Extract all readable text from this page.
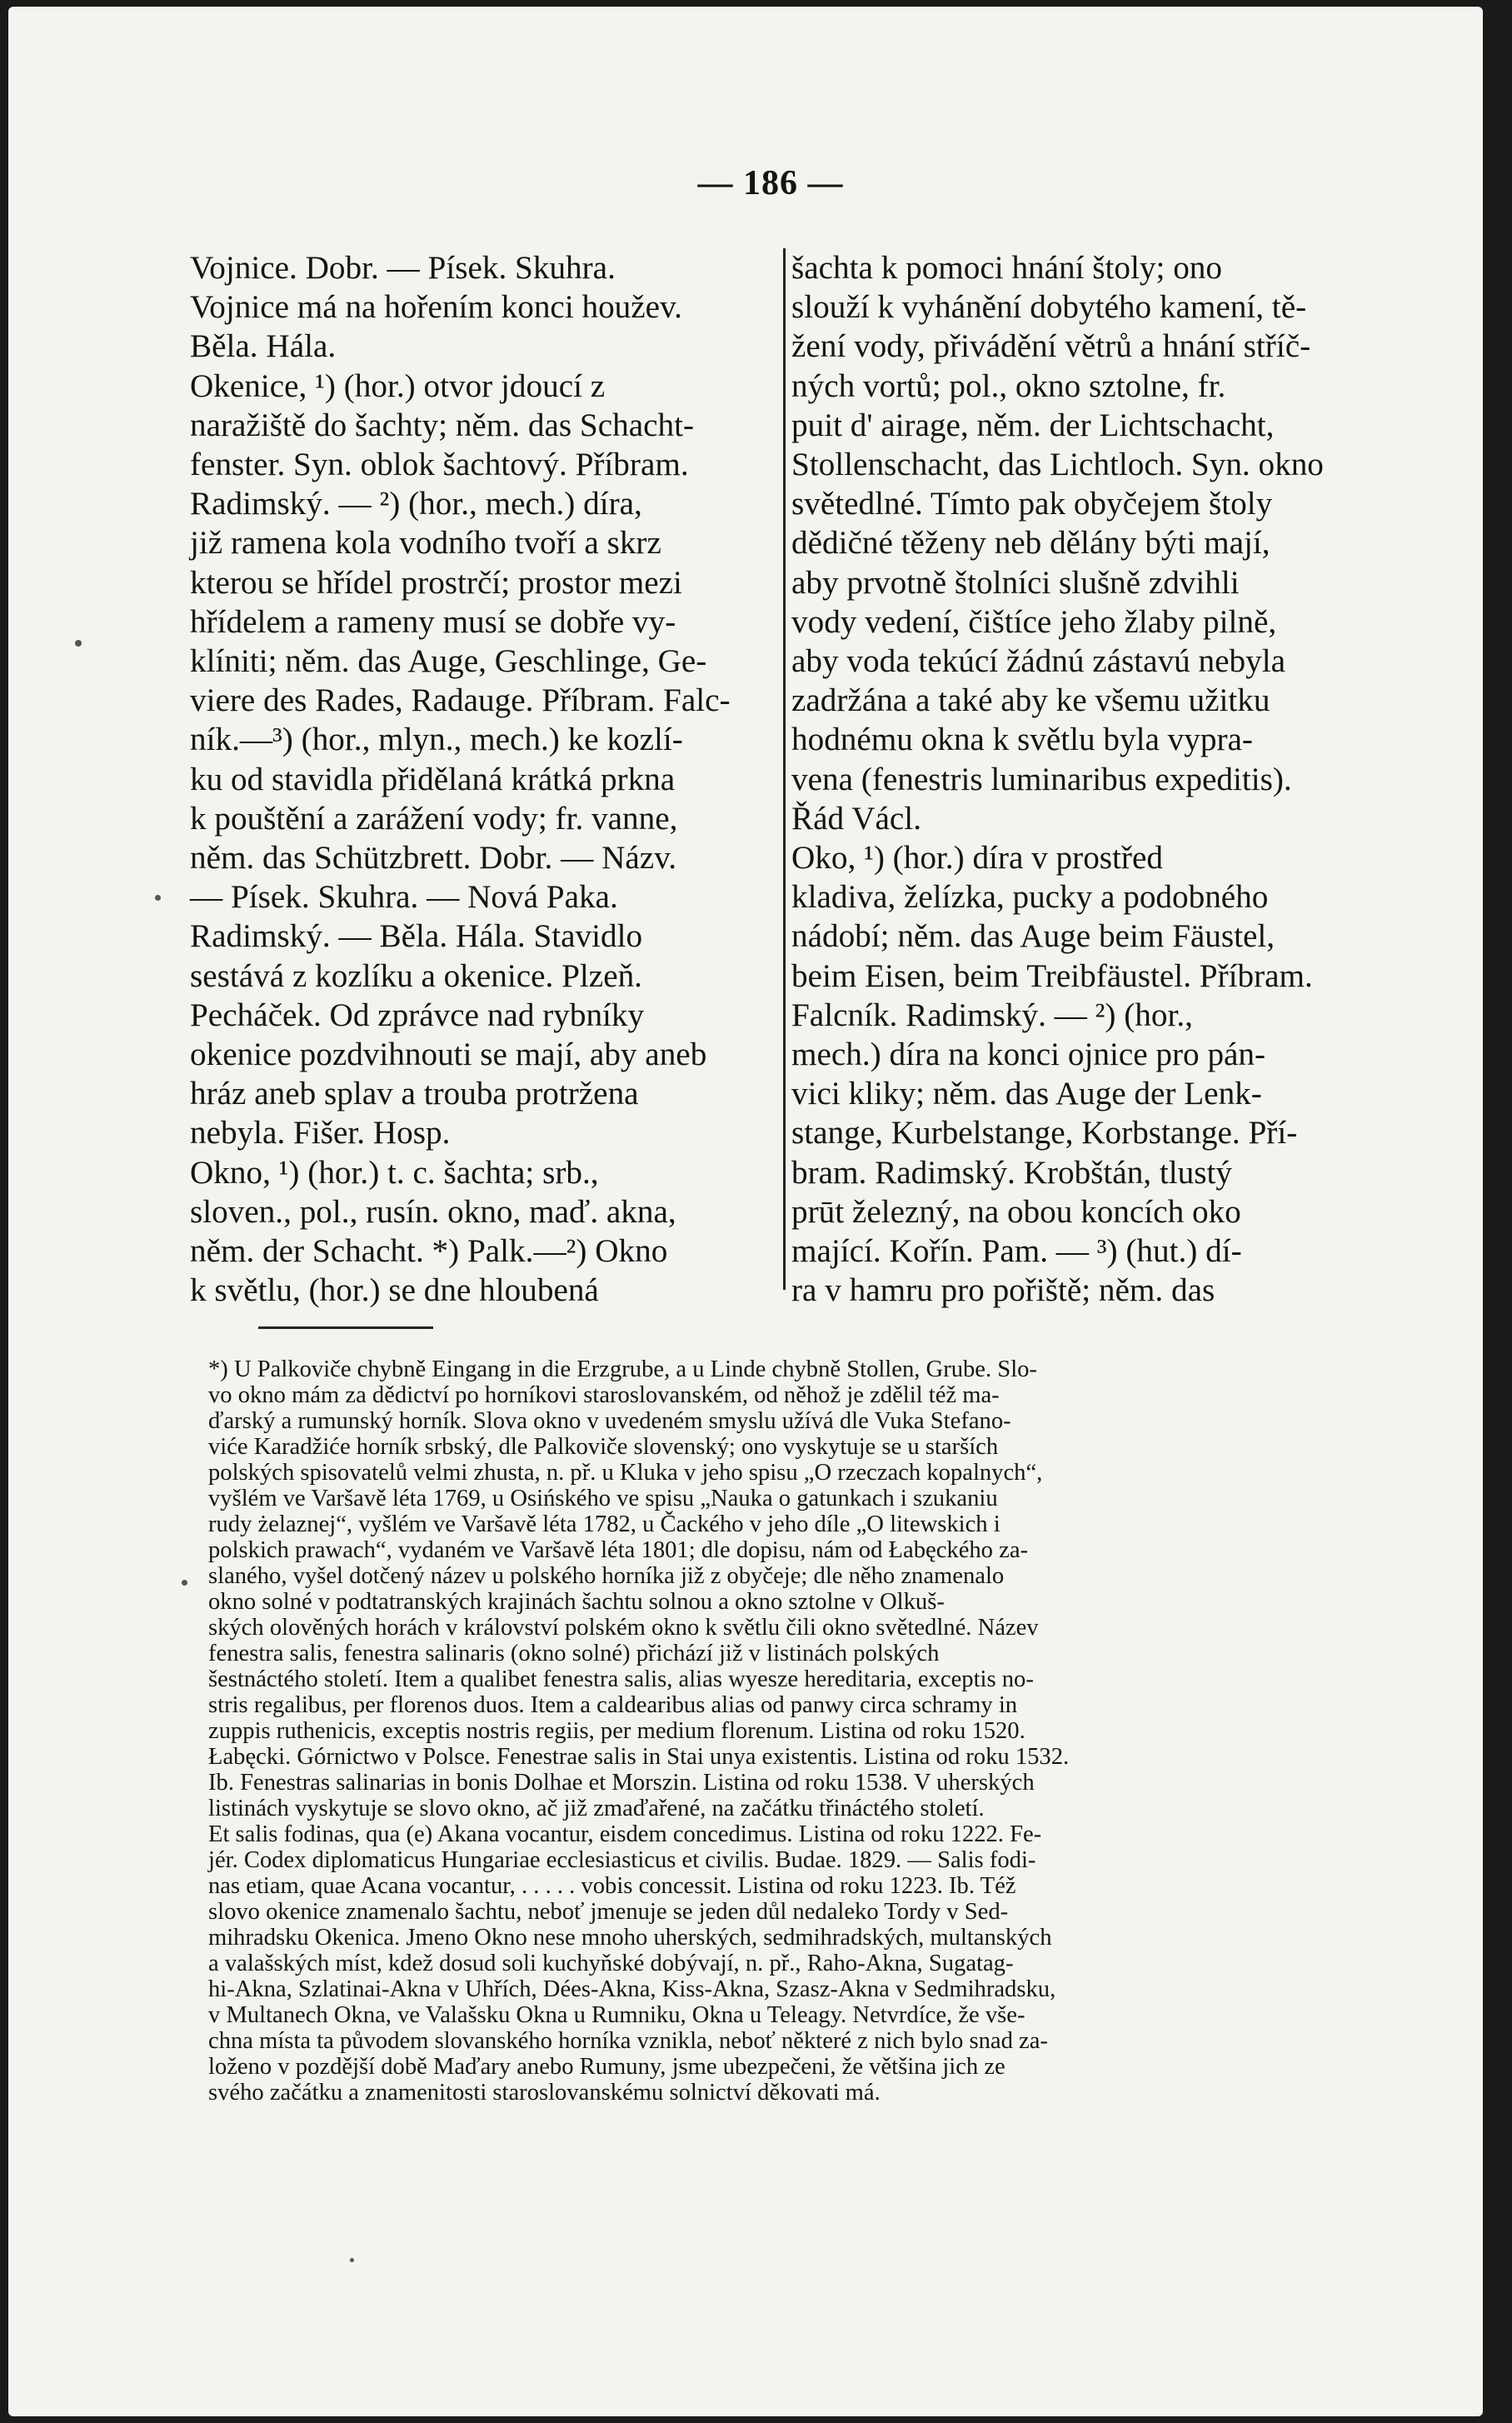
— 186 —
Vojnice. Dobr. — Písek. Skuhra.
Vojnice má na hořením konci houžev.
Běla. Hála.
Okenice, ¹) (hor.) otvor jdoucí z
naražiště do šachty; něm. das Schacht-
fenster. Syn. oblok šachtový. Příbram.
Radimský. — ²) (hor., mech.) díra,
již ramena kola vodního tvoří a skrz
kterou se hřídel prostrčí; prostor mezi
hřídelem a rameny musí se dobře vy-
klíniti; něm. das Auge, Geschlinge, Ge-
viere des Rades, Radauge. Příbram. Falc-
ník.—³) (hor., mlyn., mech.) ke kozlí-
ku od stavidla přidělaná krátká prkna
k pouštění a zarážení vody; fr. vanne,
něm. das Schützbrett. Dobr. — Názv.
— Písek. Skuhra. — Nová Paka.
Radimský. — Běla. Hála. Stavidlo
sestává z kozlíku a okenice. Plzeň.
Pecháček. Od zprávce nad rybníky
okenice pozdvihnouti se mají, aby aneb
hráz aneb splav a trouba protržena
nebyla. Fišer. Hosp.
Okno, ¹) (hor.) t. c. šachta; srb.,
sloven., pol., rusín. okno, maď. akna,
něm. der Schacht. *) Palk.—²) Okno
k světlu, (hor.) se dne hloubená
šachta k pomoci hnání štoly; ono
slouží k vyhánění dobytého kamení, tě-
žení vody, přivádění větrů a hnání stříč-
ných vortů; pol., okno sztolne, fr.
puit d' airage, něm. der Lichtschacht,
Stollenschacht, das Lichtloch. Syn. okno
světedlné. Tímto pak obyčejem štoly
dědičné těženy neb dělány býti mají,
aby prvotně štolníci slušně zdvihli
vody vedení, čištíce jeho žlaby pilně,
aby voda tekúcí žádnú zástavú nebyla
zadržána a také aby ke všemu užitku
hodnému okna k světlu byla vypra-
vena (fenestris luminaribus expeditis).
Řád Václ.
Oko, ¹) (hor.) díra v prostřed
kladiva, želízka, pucky a podobného
nádobí; něm. das Auge beim Fäustel,
beim Eisen, beim Treibfäustel. Příbram.
Falcník. Radimský. — ²) (hor.,
mech.) díra na konci ojnice pro pán-
vici kliky; něm. das Auge der Lenk-
stange, Kurbelstange, Korbstange. Pří-
bram. Radimský. Krobštán, tlustý
prūt železný, na obou koncích oko
mající. Kořín. Pam. — ³) (hut.) dí-
ra v hamru pro pořiště; něm. das
*) U Palkoviče chybně Eingang in die Erzgrube, a u Linde chybně Stollen, Grube. Slo-
vo okno mám za dědictví po horníkovi staroslovanském, od něhož je zdělil též ma-
ďarský a rumunský horník. Slova okno v uvedeném smyslu užívá dle Vuka Stefano-
viće Karadžiće horník srbský, dle Palkoviče slovenský; ono vyskytuje se u starších
polských spisovatelů velmi zhusta, n. př. u Kluka v jeho spisu „O rzeczach kopalnych“,
vyšlém ve Varšavě léta 1769, u Osińského ve spisu „Nauka o gatunkach i szukaniu
rudy żelaznej“, vyšlém ve Varšavě léta 1782, u Čackého v jeho díle „O litewskich i
polskich prawach“, vydaném ve Varšavě léta 1801; dle dopisu, nám od Łabęckého za-
slaného, vyšel dotčený název u polského horníka již z obyčeje; dle něho znamenalo
okno solné v podtatranských krajinách šachtu solnou a okno sztolne v Olkuš-
ských olověných horách v království polském okno k světlu čili okno světedlné. Název
fenestra salis, fenestra salinaris (okno solné) přichází již v listinách polských
šestnáctého století. Item a qualibet fenestra salis, alias wyesze hereditaria, exceptis no-
stris regalibus, per florenos duos. Item a caldearibus alias od panwy circa schramy in
zuppis ruthenicis, exceptis nostris regiis, per medium florenum. Listina od roku 1520.
Łabęcki. Górnictwo v Polsce. Fenestrae salis in Stai unya existentis. Listina od roku 1532.
Ib. Fenestras salinarias in bonis Dolhae et Morszin. Listina od roku 1538. V uherských
listinách vyskytuje se slovo okno, ač již zmaďařené, na začátku třináctého století.
Et salis fodinas, qua (e) Akana vocantur, eisdem concedimus. Listina od roku 1222. Fe-
jér. Codex diplomaticus Hungariae ecclesiasticus et civilis. Budae. 1829. — Salis fodi-
nas etiam, quae Acana vocantur, . . . . . vobis concessit. Listina od roku 1223. Ib. Též
slovo okenice znamenalo šachtu, neboť jmenuje se jeden důl nedaleko Tordy v Sed-
mihradsku Okenica. Jmeno Okno nese mnoho uherských, sedmihradských, multanských
a valašských míst, kdež dosud soli kuchyňské dobývají, n. př., Raho-Akna, Sugatag-
hi-Akna, Szlatinai-Akna v Uhřích, Dées-Akna, Kiss-Akna, Szasz-Akna v Sedmihradsku,
v Multanech Okna, ve Valašsku Okna u Rumniku, Okna u Teleagy. Netvrdíce, že vše-
chna místa ta původem slovanského horníka vznikla, neboť některé z nich bylo snad za-
loženo v pozdější době Maďary anebo Rumuny, jsme ubezpečeni, že většina jich ze
svého začátku a znamenitosti staroslovanskému solnictví děkovati má.
